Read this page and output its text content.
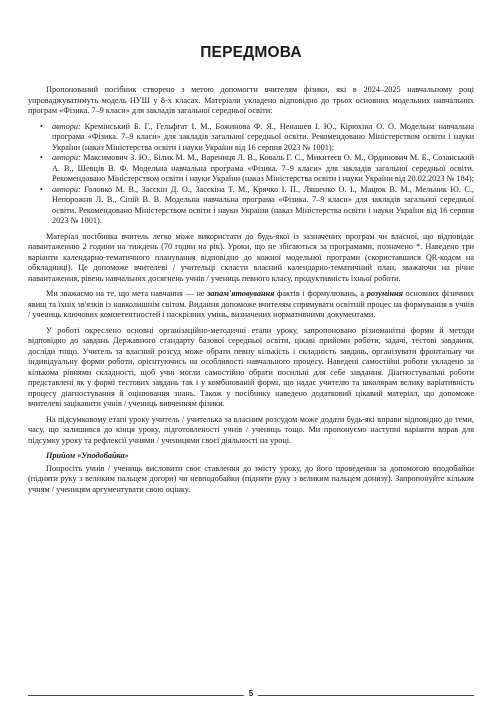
ПЕРЕДМОВА

Пропонований посібник створено з метою допомогти вчителям фізики, які в 2024–2025 навчальному році упроваджуватимуть модель НУШ у 8-х класах. Матеріали укладено відповідно до трьох основних модельних навчальних програм «Фізика. 7–9 класи» для закладів загальної середньої освіти:

• автори: Кремінський Б. Г., Гельфгат І. М., Божинова Ф. Я., Ненашев І. Ю., Кірюхіна О. О. Модельна навчальна програма «Фізика. 7–9 класи» для закладів загальної середньої освіти. Рекомендовано Міністерством освіти і науки України (наказ Міністерства освіти і науки України від 16 серпня 2023 № 1001);
• автори: Максимович З. Ю., Білик М. М., Варениця Л. В., Коваль Г. С., Микитеєв О. М., Ординович М. Б., Созанський А. В., Шевців В. Ф. Модельна навчальна програма «Фізика. 7–9 класи» для закладів загальної середньої освіти. Рекомендовано Міністерством освіти і науки України (наказ Міністерства освіти і науки України від 20.02.2023 № 184);
• автори: Головко М. В., Засєкін Д. О., Засєкіна Т. М., Крячко І. П., Ляшенко О. І., Мацюк В. М., Мельник Ю. С., Непорожня Л. В., Сіпій В. В. Модельна навчальна програма «Фізика. 7–9 класи» для закладів загальної середньої освіти. Рекомендовано Міністерством освіти і науки України (наказ Міністерства освіти і науки України від 16 серпня 2023 № 1001).

Матеріал посібника вчитель легко може використати до будь-якої із зазначених програм чи власної, що відповідає навантаженню 2 години на тиждень (70 годин на рік). Уроки, що не збігаються за програмами, позначено *. Наведено три варіанти календарно-тематичного планування відповідно до кожної модельної програми (скориставшися QR-кодом на обкладинці). Це допоможе вчителеві / учительці скласти власний календарно-тематичний план, зважаючи на річне навантаження, рівень навчальних досягнень учнів / учениць певного класу, продуктивність їхньої роботи.

Ми зважаємо на те, що мета навчання — не запам'ятовування фактів і формулювань, а розуміння основних фізичних явищ та їхніх зв'язків із навколишнім світом. Видання допоможе вчителям спрямувати освітній процес на формування в учнів / учениць ключових компетентностей і наскрізних умінь, визначених нормативними документами.

У роботі окреслено основні організаційно-методичні етапи уроку, запропоновано різноманітні форми й методи відповідно до завдань Державного стандарту базової середньої освіти, цікаві прийоми роботи, задачі, тестові завдання, досліди тощо. Учитель за власний розсуд може обрати певну кількість і складність завдань, організувати фронтальну чи індивідуальну форми роботи, орієнтуючись на особливості навчального процесу. Наведені самостійні роботи укладено за кількома рівнями складності, щоб учні могли самостійно обрати посильні для себе завдання. Діагностувальні роботи представлені як у формі тестових завдань так і у комбінованій формі, що надає учителю та школярам велику варіативність процесу діагностування й оцінювання знань. Також у посібнику наведено додатковий цікавий матеріал, що допоможе вчителеві зацікавити учнів / учениць вивченням фізики.

На підсумковому етапі уроку учитель / учителька за власним розсудом може додати будь-які вправи відповідно до теми, часу, що залишився до кінця уроку, підготовленості учнів / учениць тощо. Ми пропонуємо наступні варіанти вправ для підсумку уроку та рефлексії учнями / ученицями своєї діяльності на уроці.

Прийом «Уподобайка»

Попросіть учнів / учениць висловити своє ставлення до змісту уроку, до його проведення за допомогою вподобайки (підняти руку з великим пальцем догори) чи невподобайки (підняти руку з великим пальцем донизу). Запропонуйте кільком учням / ученицям аргументувати свою оцінку.

5
